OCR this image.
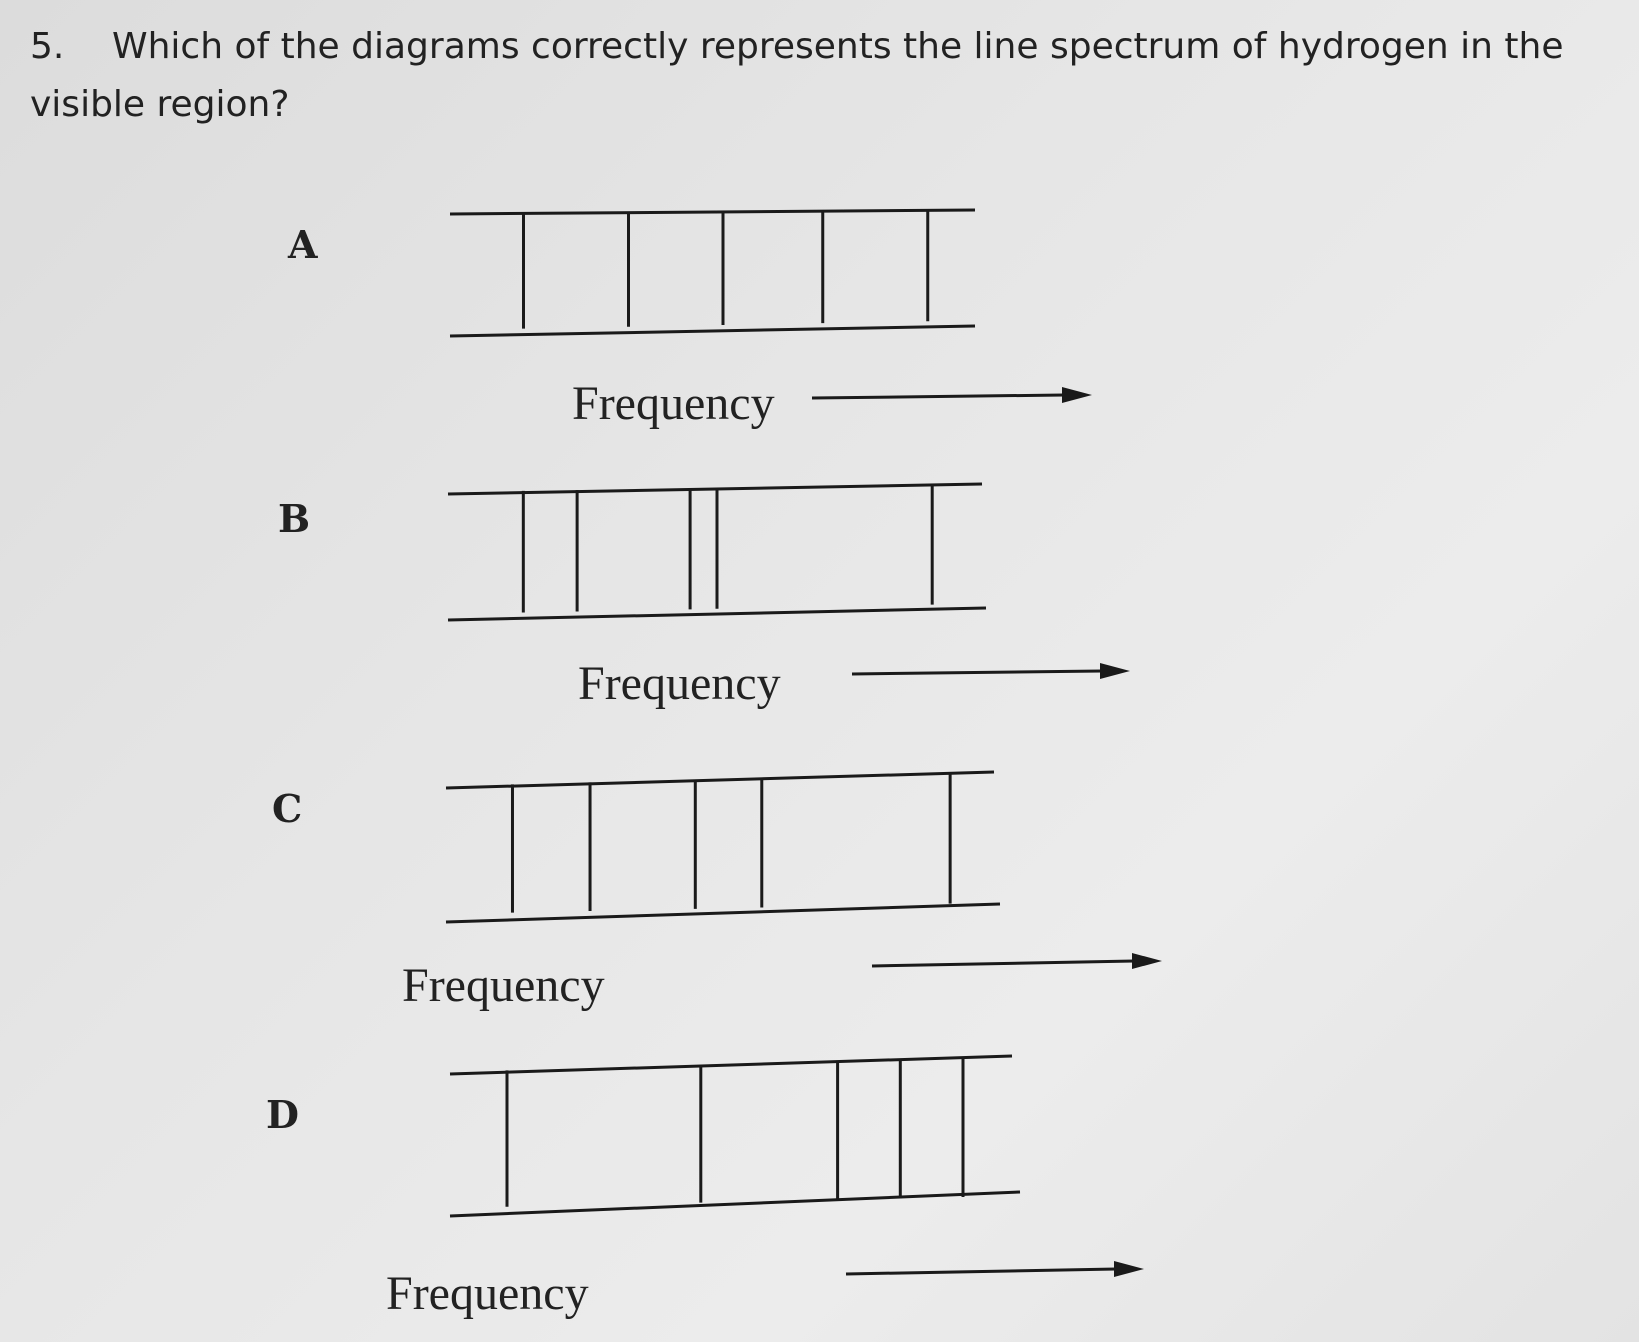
5. Which of the diagrams correctly represents the line spectrum of hydrogen in the visible region?
A
Frequency
B
Frequency
C
Frequency
D
Frequency
